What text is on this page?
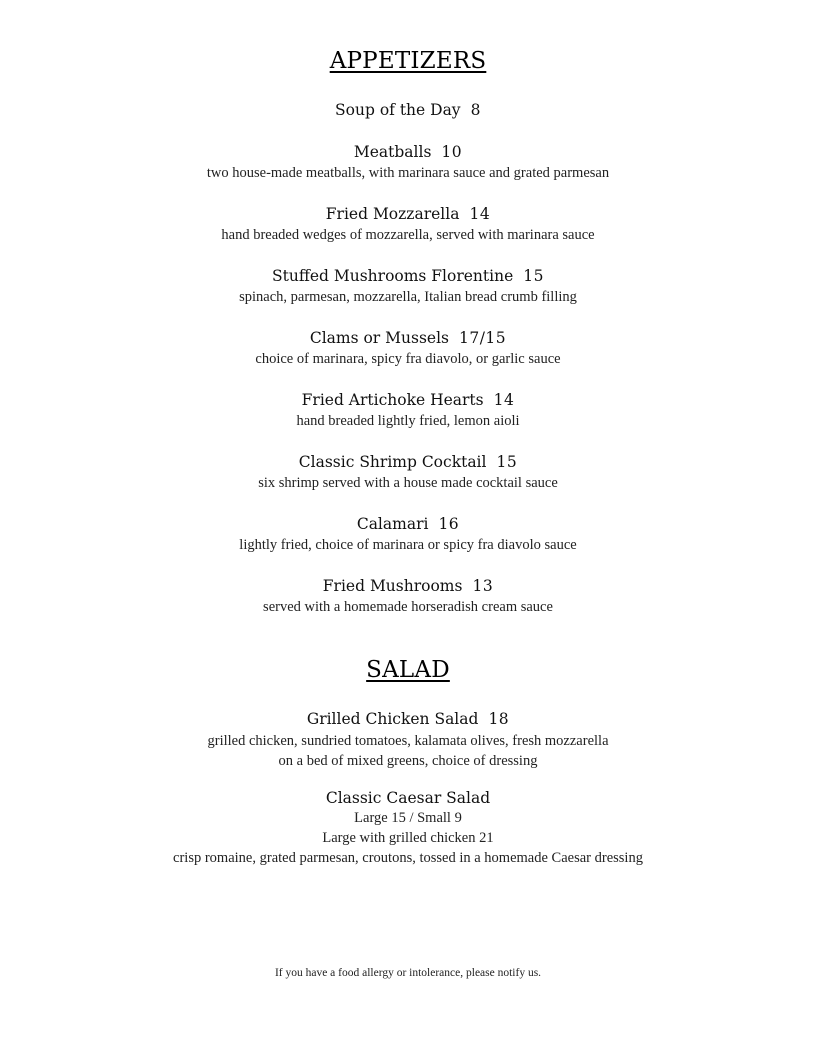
APPETIZERS
Soup of the Day 8
Meatballs 10
two house-made meatballs, with marinara sauce and grated parmesan
Fried Mozzarella 14
hand breaded wedges of mozzarella, served with marinara sauce
Stuffed Mushrooms Florentine 15
spinach, parmesan, mozzarella, Italian bread crumb filling
Clams or Mussels 17/15
choice of marinara, spicy fra diavolo, or garlic sauce
Fried Artichoke Hearts 14
hand breaded lightly fried, lemon aioli
Classic Shrimp Cocktail 15
six shrimp served with a house made cocktail sauce
Calamari 16
lightly fried, choice of marinara or spicy fra diavolo sauce
Fried Mushrooms 13
served with a homemade horseradish cream sauce
SALAD
Grilled Chicken Salad 18
grilled chicken, sundried tomatoes, kalamata olives, fresh mozzarella
on a bed of mixed greens, choice of dressing
Classic Caesar Salad
Large 15 / Small 9
Large with grilled chicken 21
crisp romaine, grated parmesan, croutons, tossed in a homemade Caesar dressing
If you have a food allergy or intolerance, please notify us.
